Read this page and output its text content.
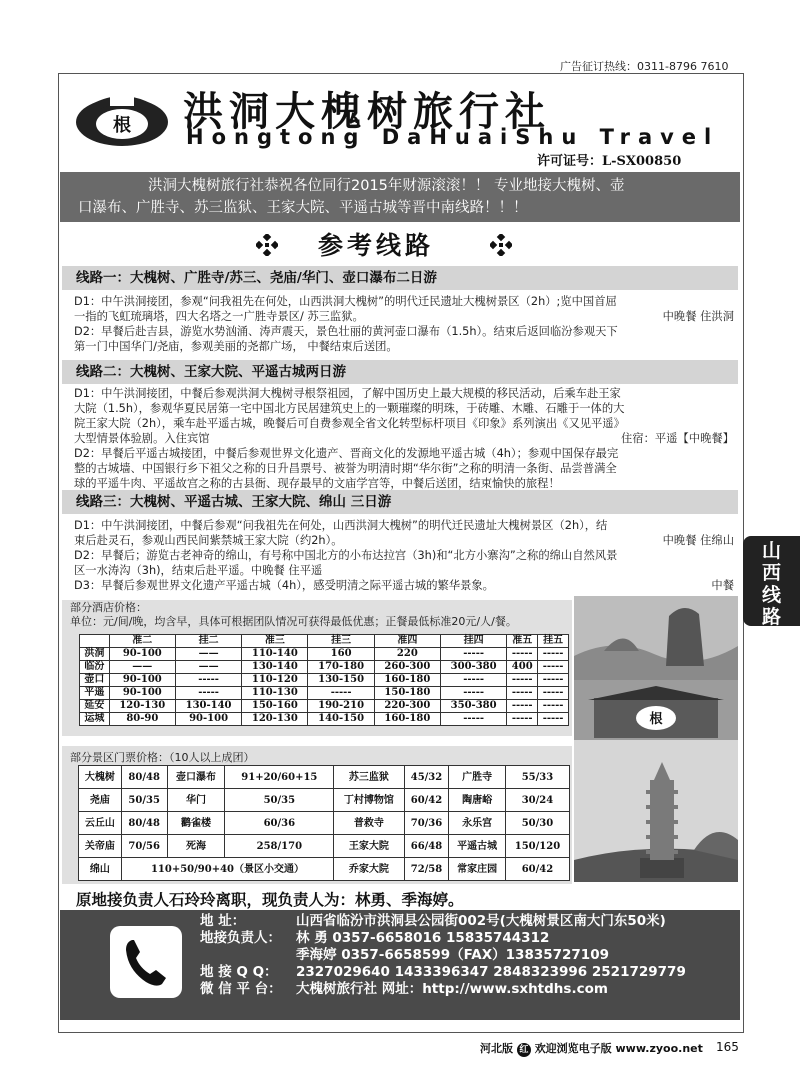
广告征订热线：0311-8796 7610
根 洪洞大槐树旅行社
Hongtong DaHuaiShu Travel
许可证号：L-SX00850
洪洞大槐树旅行社恭祝各位同行2015年财源滚滚！！ 专业地接大槐树、壶
口瀑布、广胜寺、苏三监狱、王家大院、平遥古城等晋中南线路！！！
参考线路
线路一：大槐树、广胜寺/苏三、尧庙/华门、壶口瀑布二日游

D1：中午洪洞接团，参观“问我祖先在何处，山西洪洞大槐树”的明代迁民遗址大槐树景区（2h）;览中国首屈

中晚餐 住洪洞
一指的飞虹琉璃塔，四大名塔之一广胜寺景区/ 苏三监狱。

D2：早餐后赴吉县，游览水势汹涌、涛声震天，景色壮丽的黄河壶口瀑布（1.5h）。结束后返回临汾参观天下

第一门中国华门/尧庙，参观美丽的尧都广场， 中餐结束后送团。

线路二：大槐树、王家大院、平遥古城两日游

D1：中午洪洞接团，中餐后参观洪洞大槐树寻根祭祖园，了解中国历史上最大规模的移民活动，后乘车赴王家

大院（1.5h），参观华夏民居第一宅中国北方民居建筑史上的一颗璀璨的明珠，于砖雕、木雕、石雕于一体的大

院王家大院（2h），乘车赴平遥古城，晚餐后可自费参观全省文化转型标杆项目《印象》系列演出《又见平遥》

住宿：平遥【中晚餐】
大型情景体验剧。入住宾馆

D2：早餐后平遥古城接团，中餐后参观世界文化遗产、晋商文化的发源地平遥古城（4h）；参观中国保存最完

整的古城墙、中国银行乡下祖父之称的日升昌票号、被誉为明清时期“华尔街”之称的明清一条街、品尝普满全

球的平遥牛肉、平遥故宫之称的古县衙、现存最早的文庙学宫等，中餐后送团，结束愉快的旅程！

线路三：大槐树、平遥古城、王家大院、绵山 三日游

D1：中午洪洞接团，中餐后参观“问我祖先在何处，山西洪洞大槐树”的明代迁民遗址大槐树景区（2h），结

中晚餐 住绵山
束后赴灵石，参观山西民间紫禁城王家大院（约2h）。

D2：早餐后；游览古老神奇的绵山，有号称中国北方的小布达拉宫（3h)和“北方小寨沟”之称的绵山自然风景

区一水涛沟（3h)，结束后赴平遥。中晚餐 住平遥

中餐
D3：早餐后参观世界文化遗产平遥古城（4h），感受明清之际平遥古城的繁华景象。

部分酒店价格：
单位：元/间/晚，均含早，具体可根据团队情况可获得最低优惠；正餐最低标准20元/人/餐。
	准二	挂二	准三	挂三	准四	挂四	准五	挂五
洪洞	90-100	——	110-140	160	220	-----	-----	-----
临汾	——	——	130-140	170-180	260-300	300-380	400	-----
壶口	90-100	-----	110-120	130-150	160-180	-----	-----	-----
平遥	90-100	-----	110-130	-----	150-180	-----	-----	-----
延安	120-130	130-140	150-160	190-210	220-300	350-380	-----	-----
运城	80-90	90-100	120-130	140-150	160-180	-----	-----	-----
部分景区门票价格：（10人以上成团）
大槐树	80/48	壶口瀑布	91+20/60+15	苏三监狱	45/32	广胜寺	55/33
尧庙	50/35	华门	50/35	丁村博物馆	60/42	陶唐峪	30/24
云丘山	80/48	鹳雀楼	60/36	普救寺	70/36	永乐宫	50/30
关帝庙	70/56	死海	258/170	王家大院	66/48	平遥古城	150/120
绵山	110+50/90+40（景区小交通）			乔家大院	72/58	常家庄园	60/42
根
原地接负责人石玲玲离职，现负责人为：林勇、季海婷。
地 址：	山西省临汾市洪洞县公园街002号(大槐树景区南大门东50米)
地接负责人： 林 勇 0357-6658016 15835744312
季海婷 0357-6658599（FAX）13835727109
地 接 Q Q： 2327029640 1433396347 2848323996 2521729779
微 信 平 台： 大槐树旅行社 网址：http://www.sxhtdhs.com
山
西
线
路
河北版 红 欢迎浏览电子版 www.zyoo.net 165
